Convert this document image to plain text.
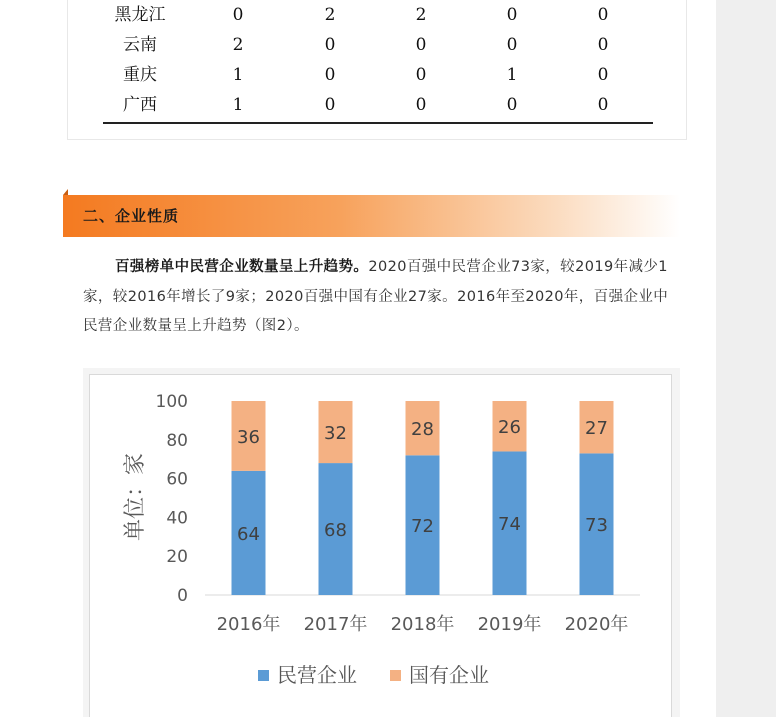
黑龙江	0	2	2	0	0
云南	2	0	0	0	0
重庆	1	0	0	1	0
广西	1	0	0	0	0
二、企业性质
百强榜单中民营企业数量呈上升趋势。2020百强中民营企业73家，较2019年减少1家，较2016年增长了9家；2020百强中国有企业27家。2016年至2020年，百强企业中民营企业数量呈上升趋势（图2）。
0
20
40
60
80
100
单位：家	64
36
2016年
68
32
2017年
72
28
2018年
74
26
2019年
73
27
2020年
民营企业	国有企业
